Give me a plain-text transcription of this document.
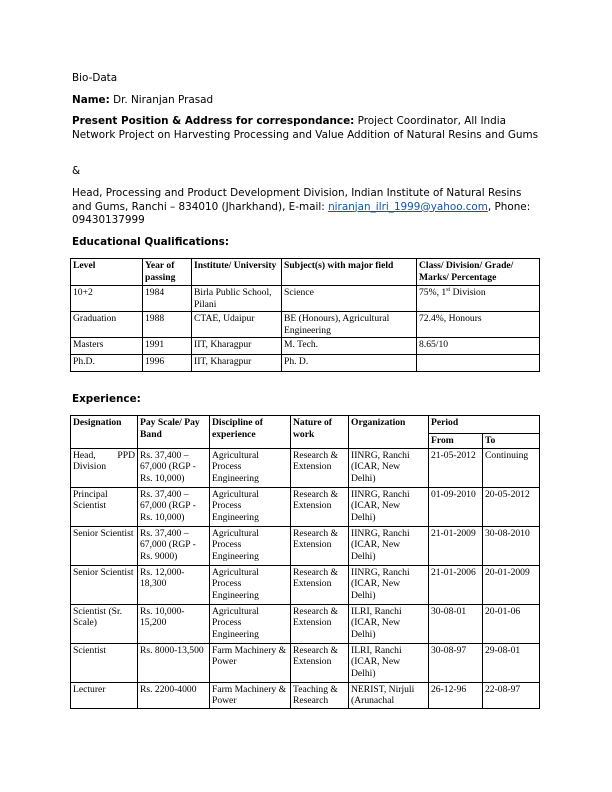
Bio-Data
Name: Dr. Niranjan Prasad
Present Position & Address for correspondance: Project Coordinator, All India Network Project on Harvesting Processing and Value Addition of Natural Resins and Gums
&
Head, Processing and Product Development Division, Indian Institute of Natural Resins and Gums, Ranchi – 834010 (Jharkhand), E-mail: niranjan_ilri_1999@yahoo.com, Phone: 09430137999
Educational Qualifications:
Level	Year of passing	Institute/ University	Subject(s) with major field	Class/ Division/ Grade/ Marks/ Percentage
10+2	1984	Birla Public School, Pilani	Science	75%, 1st Division
Graduation	1988	CTAE, Udaipur	BE (Honours), Agricultural Engineering	72.4%, Honours
Masters	1991	IIT, Kharagpur	M. Tech.	8.65/10
Ph.D.	1996	IIT, Kharagpur	Ph. D.	
Experience:
Designation	Pay Scale/ Pay Band	Discipline of experience	Nature of work	Organization	Period	
					From	To
Head, PPD Division	Rs. 37,400 – 67,000 (RGP -Rs. 10,000)	Agricultural Process Engineering	Research & Extension	IINRG, Ranchi (ICAR, New Delhi)	21-05-2012	Continuing
Principal Scientist	Rs. 37,400 – 67,000 (RGP -Rs. 10,000)	Agricultural Process Engineering	Research & Extension	IINRG, Ranchi (ICAR, New Delhi)	01-09-2010	20-05-2012
Senior Scientist	Rs. 37,400 – 67,000 (RGP -Rs. 9000)	Agricultural Process Engineering	Research & Extension	IINRG, Ranchi (ICAR, New Delhi)	21-01-2009	30-08-2010
Senior Scientist	Rs. 12,000-18,300	Agricultural Process Engineering	Research & Extension	IINRG, Ranchi (ICAR, New Delhi)	21-01-2006	20-01-2009
Scientist (Sr. Scale)	Rs. 10,000-15,200	Agricultural Process Engineering	Research & Extension	ILRI, Ranchi (ICAR, New Delhi)	30-08-01	20-01-06
Scientist	Rs. 8000-13,500	Farm Machinery & Power	Research & Extension	ILRI, Ranchi (ICAR, New Delhi)	30-08-97	29-08-01
Lecturer	Rs. 2200-4000	Farm Machinery & Power	Teaching & Research	NERIST, Nirjuli (Arunachal	26-12-96	22-08-97
